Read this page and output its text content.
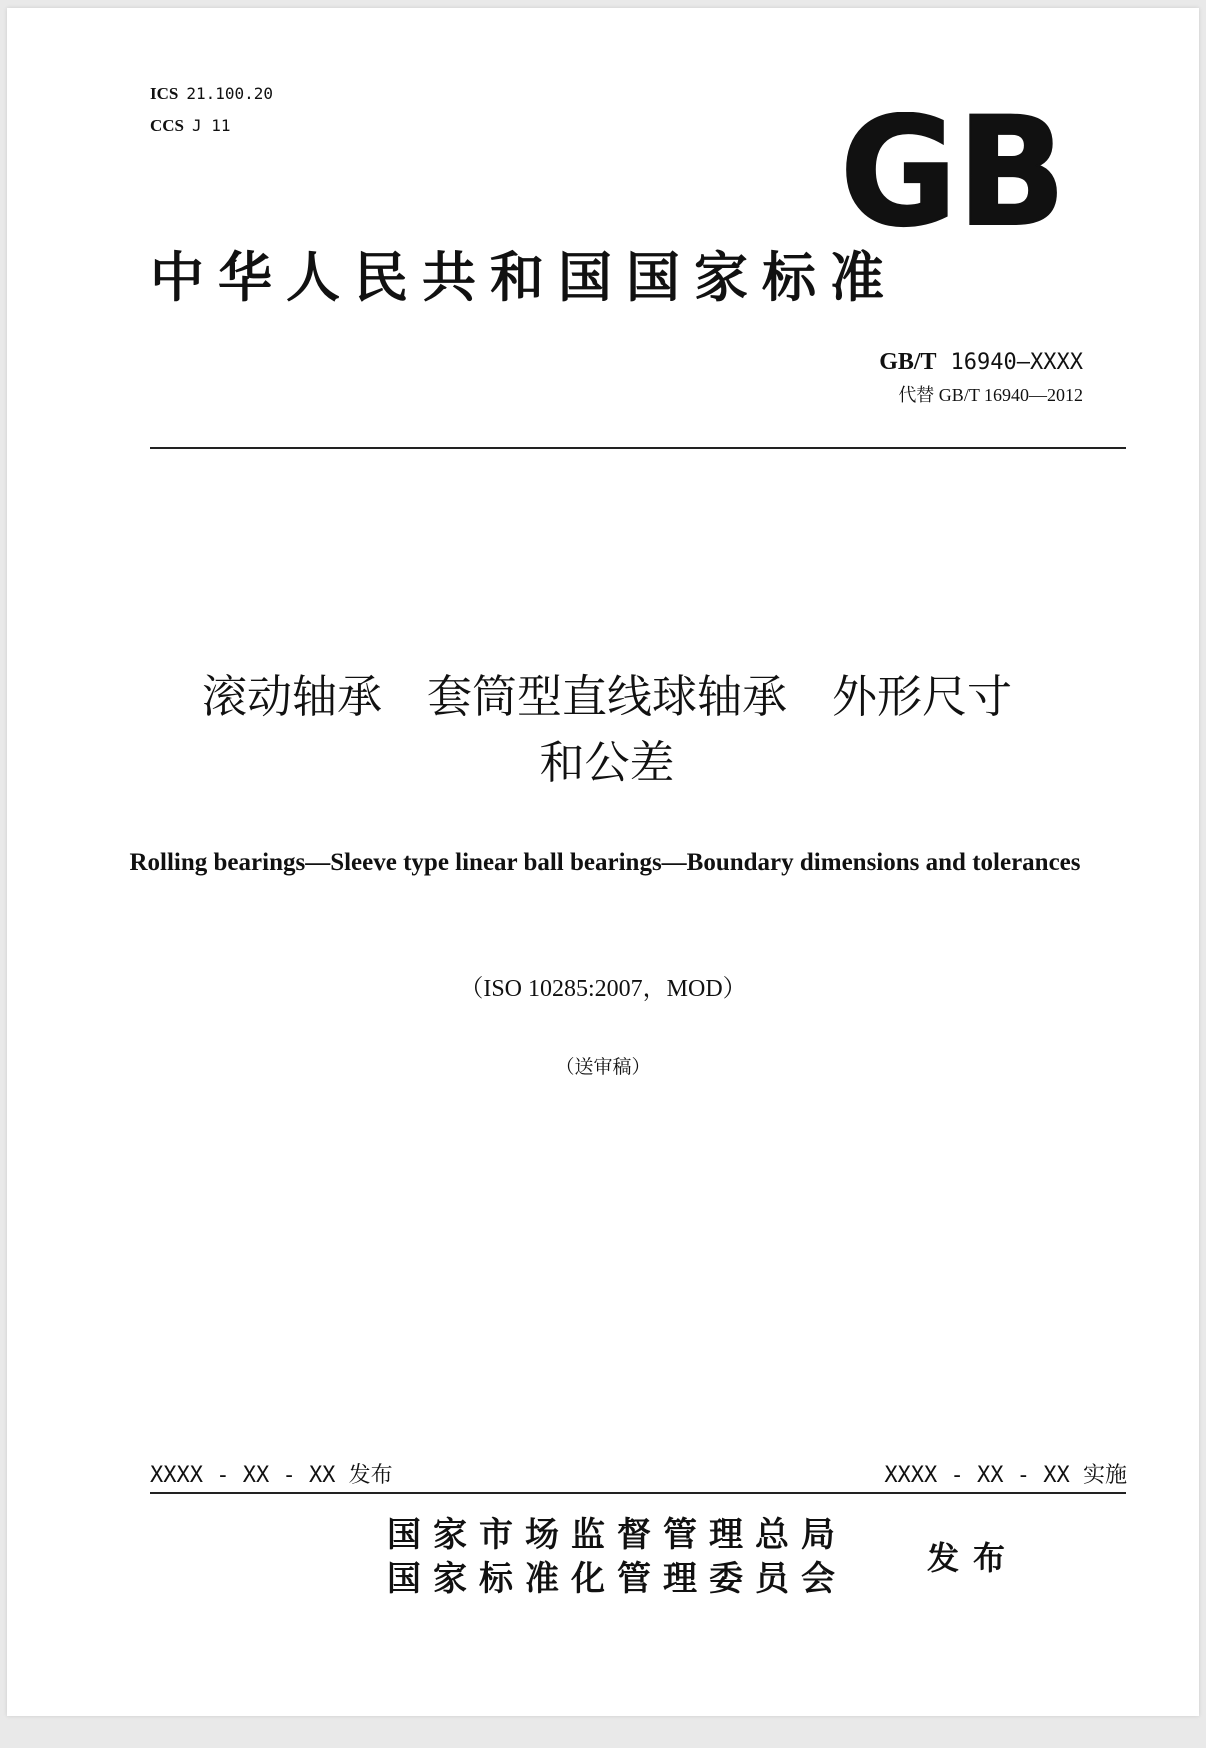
ICS 21.100.20
CCS J 11	GB
中华人民共和国国家标准
GB/T 16940—XXXX
代替 GB/T 16940—2012
滚动轴承　套筒型直线球轴承　外形尺寸
和公差
Rolling bearings—Sleeve type linear ball bearings—Boundary dimensions and tolerances
（ISO 10285:2007，MOD）
（送审稿）
XXXX - XX - XX 发布	XXXX - XX - XX 实施
国家市场监督管理总局
国家标准化管理委员会
发布
